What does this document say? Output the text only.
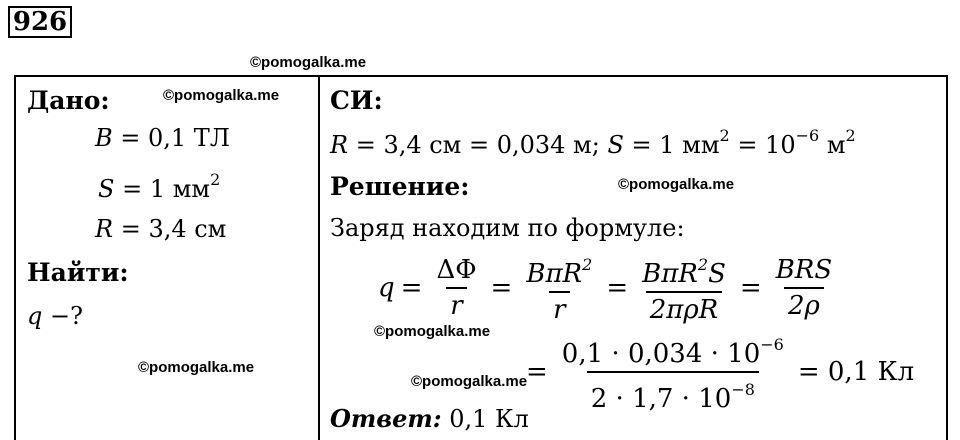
926
©pomogalka.me
©pomogalka.me
©pomogalka.me
©pomogalka.me
©pomogalka.me
©pomogalka.me
Дано:
B = 0,1 ТЛ
S = 1 $мм^2$
R = 3,4 см
Найти:
q −?
СИ:
R = 3,4 см = 0,034 м; S = 1 $мм^2 = 10^{-6}$ $м^2$
Решение:
Заряд находим по формуле:
$q = \frac{\Delta\Phi}{r} = \frac{B\pi R^2}{r} = \frac{B\pi R^2S}{\text{2πρR}} = \frac{\text{BRS}}{2\rho}$
= $\frac{0,1 \cdot 0,034 \cdot 10^{-6}}{2 \cdot 1,7 \cdot 10^{-8}} = 0,1$ Кл
Ответ: 0,1 Кл
